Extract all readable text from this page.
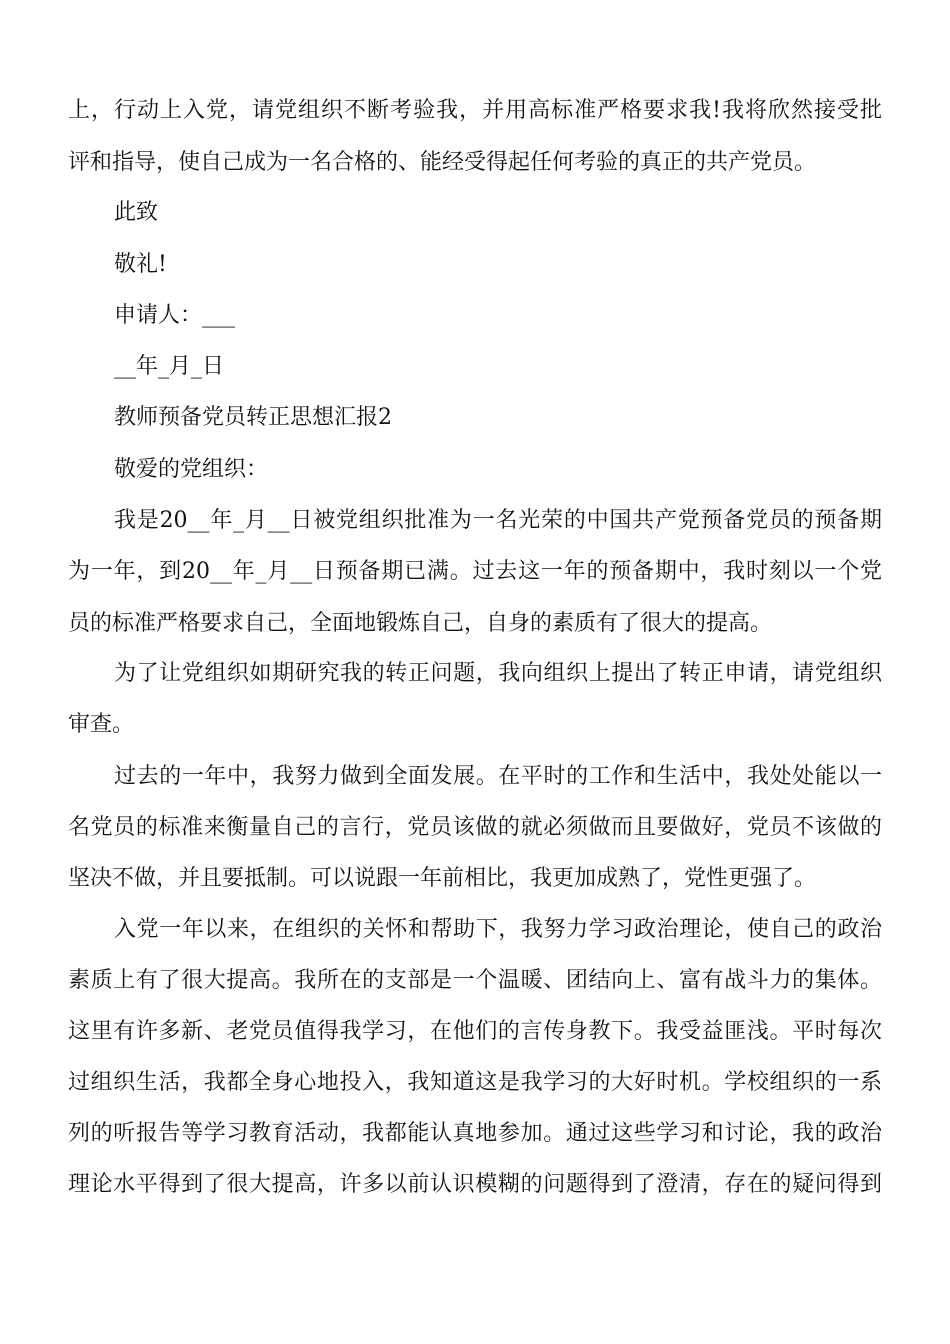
上，行动上入党，请党组织不断考验我，并用高标准严格要求我!我将欣然接受批
评和指导，使自己成为一名合格的、能经受得起任何考验的真正的共产党员。
此致
敬礼!
申请人：___
__年_月_日
教师预备党员转正思想汇报2
敬爱的党组织：
我是20__年_月__日被党组织批准为一名光荣的中国共产党预备党员的预备期
为一年，到20__年_月__日预备期已满。过去这一年的预备期中，我时刻以一个党
员的标准严格要求自己，全面地锻炼自己，自身的素质有了很大的提高。
为了让党组织如期研究我的转正问题，我向组织上提出了转正申请，请党组织
审查。
过去的一年中，我努力做到全面发展。在平时的工作和生活中，我处处能以一
名党员的标准来衡量自己的言行，党员该做的就必须做而且要做好，党员不该做的
坚决不做，并且要抵制。可以说跟一年前相比，我更加成熟了，党性更强了。
入党一年以来，在组织的关怀和帮助下，我努力学习政治理论，使自己的政治
素质上有了很大提高。我所在的支部是一个温暖、团结向上、富有战斗力的集体。
这里有许多新、老党员值得我学习，在他们的言传身教下。我受益匪浅。平时每次
过组织生活，我都全身心地投入，我知道这是我学习的大好时机。学校组织的一系
列的听报告等学习教育活动，我都能认真地参加。通过这些学习和讨论，我的政治
理论水平得到了很大提高，许多以前认识模糊的问题得到了澄清，存在的疑问得到
